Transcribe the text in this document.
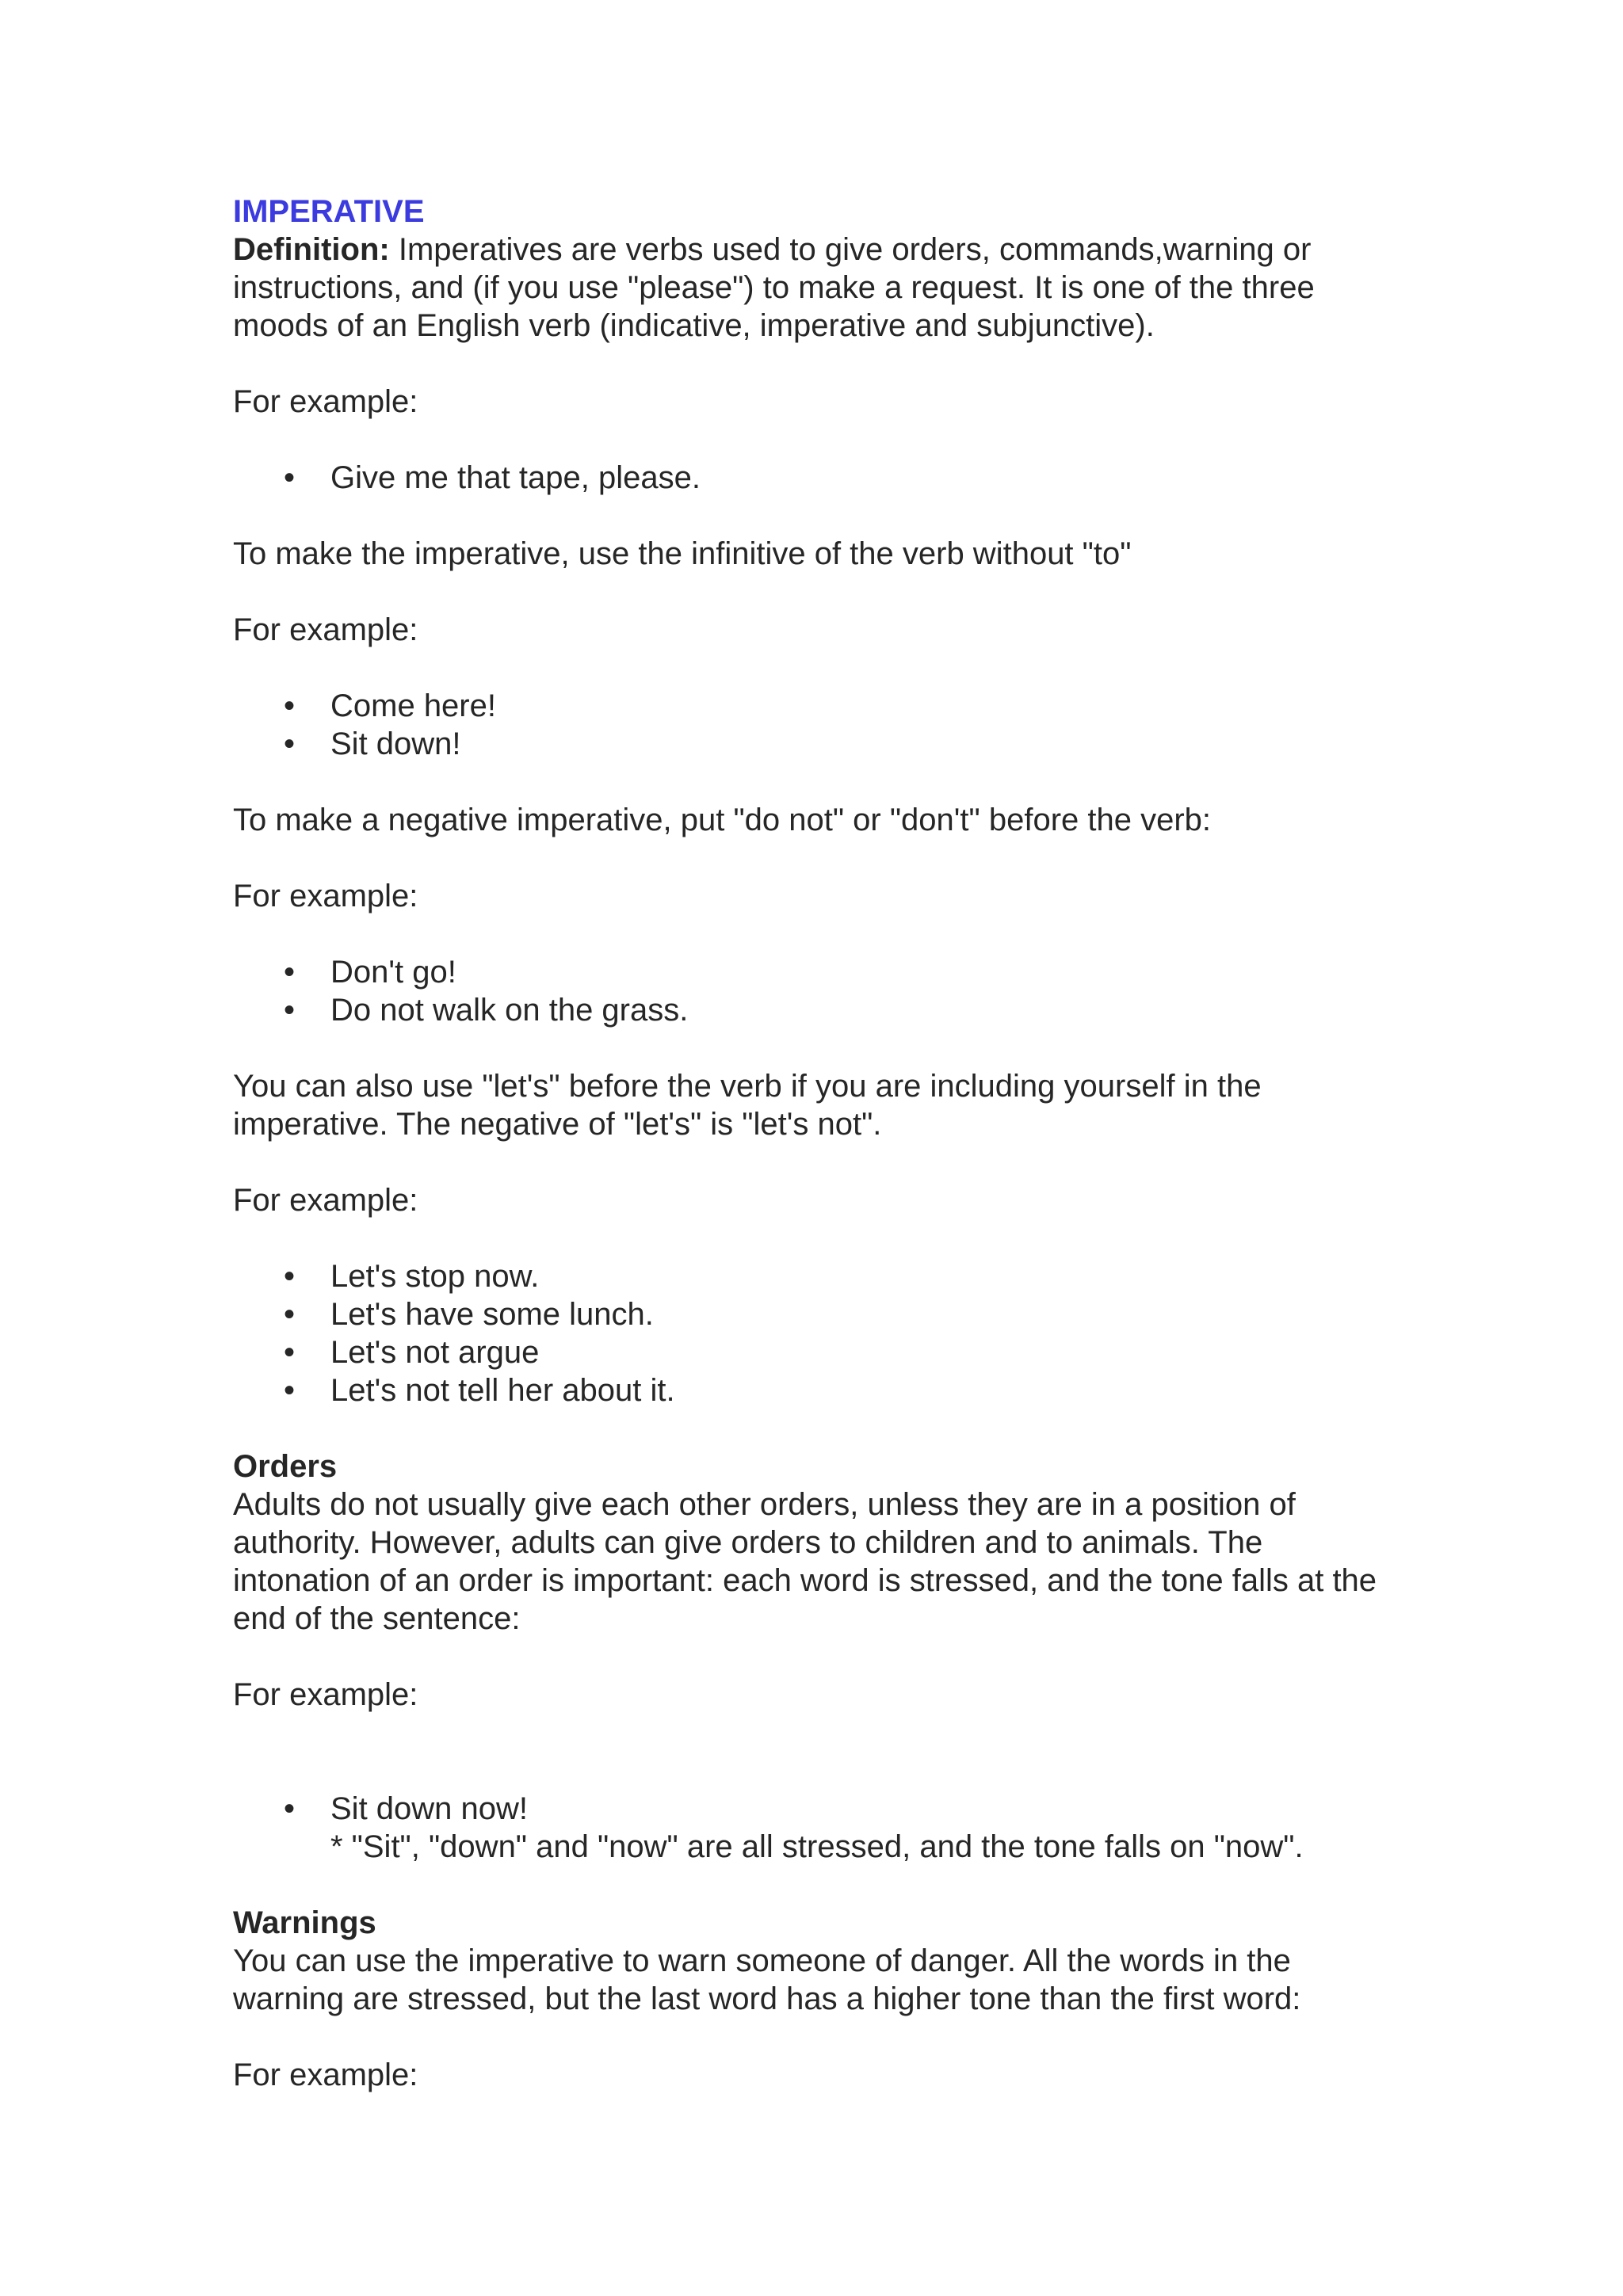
IMPERATIVE

Definition: Imperatives are verbs used to give orders, commands,warning or instructions, and (if you use "please") to make a request. It is one of the three moods of an English verb (indicative, imperative and subjunctive).

For example:

• Give me that tape, please.

To make the imperative, use the infinitive of the verb without "to"

For example:

• Come here!
• Sit down!

To make a negative imperative, put "do not" or "don't" before the verb:

For example:

• Don't go!
• Do not walk on the grass.

You can also use "let's" before the verb if you are including yourself in the imperative. The negative of "let's" is "let's not".

For example:

• Let's stop now.
• Let's have some lunch.
• Let's not argue
• Let's not tell her about it.

Orders

Adults do not usually give each other orders, unless they are in a position of authority. However, adults can give orders to children and to animals. The intonation of an order is important: each word is stressed, and the tone falls at the end of the sentence:

For example:

• Sit down now!
* "Sit", "down" and "now" are all stressed, and the tone falls on "now".

Warnings

You can use the imperative to warn someone of danger. All the words in the warning are stressed, but the last word has a higher tone than the first word:

For example:
